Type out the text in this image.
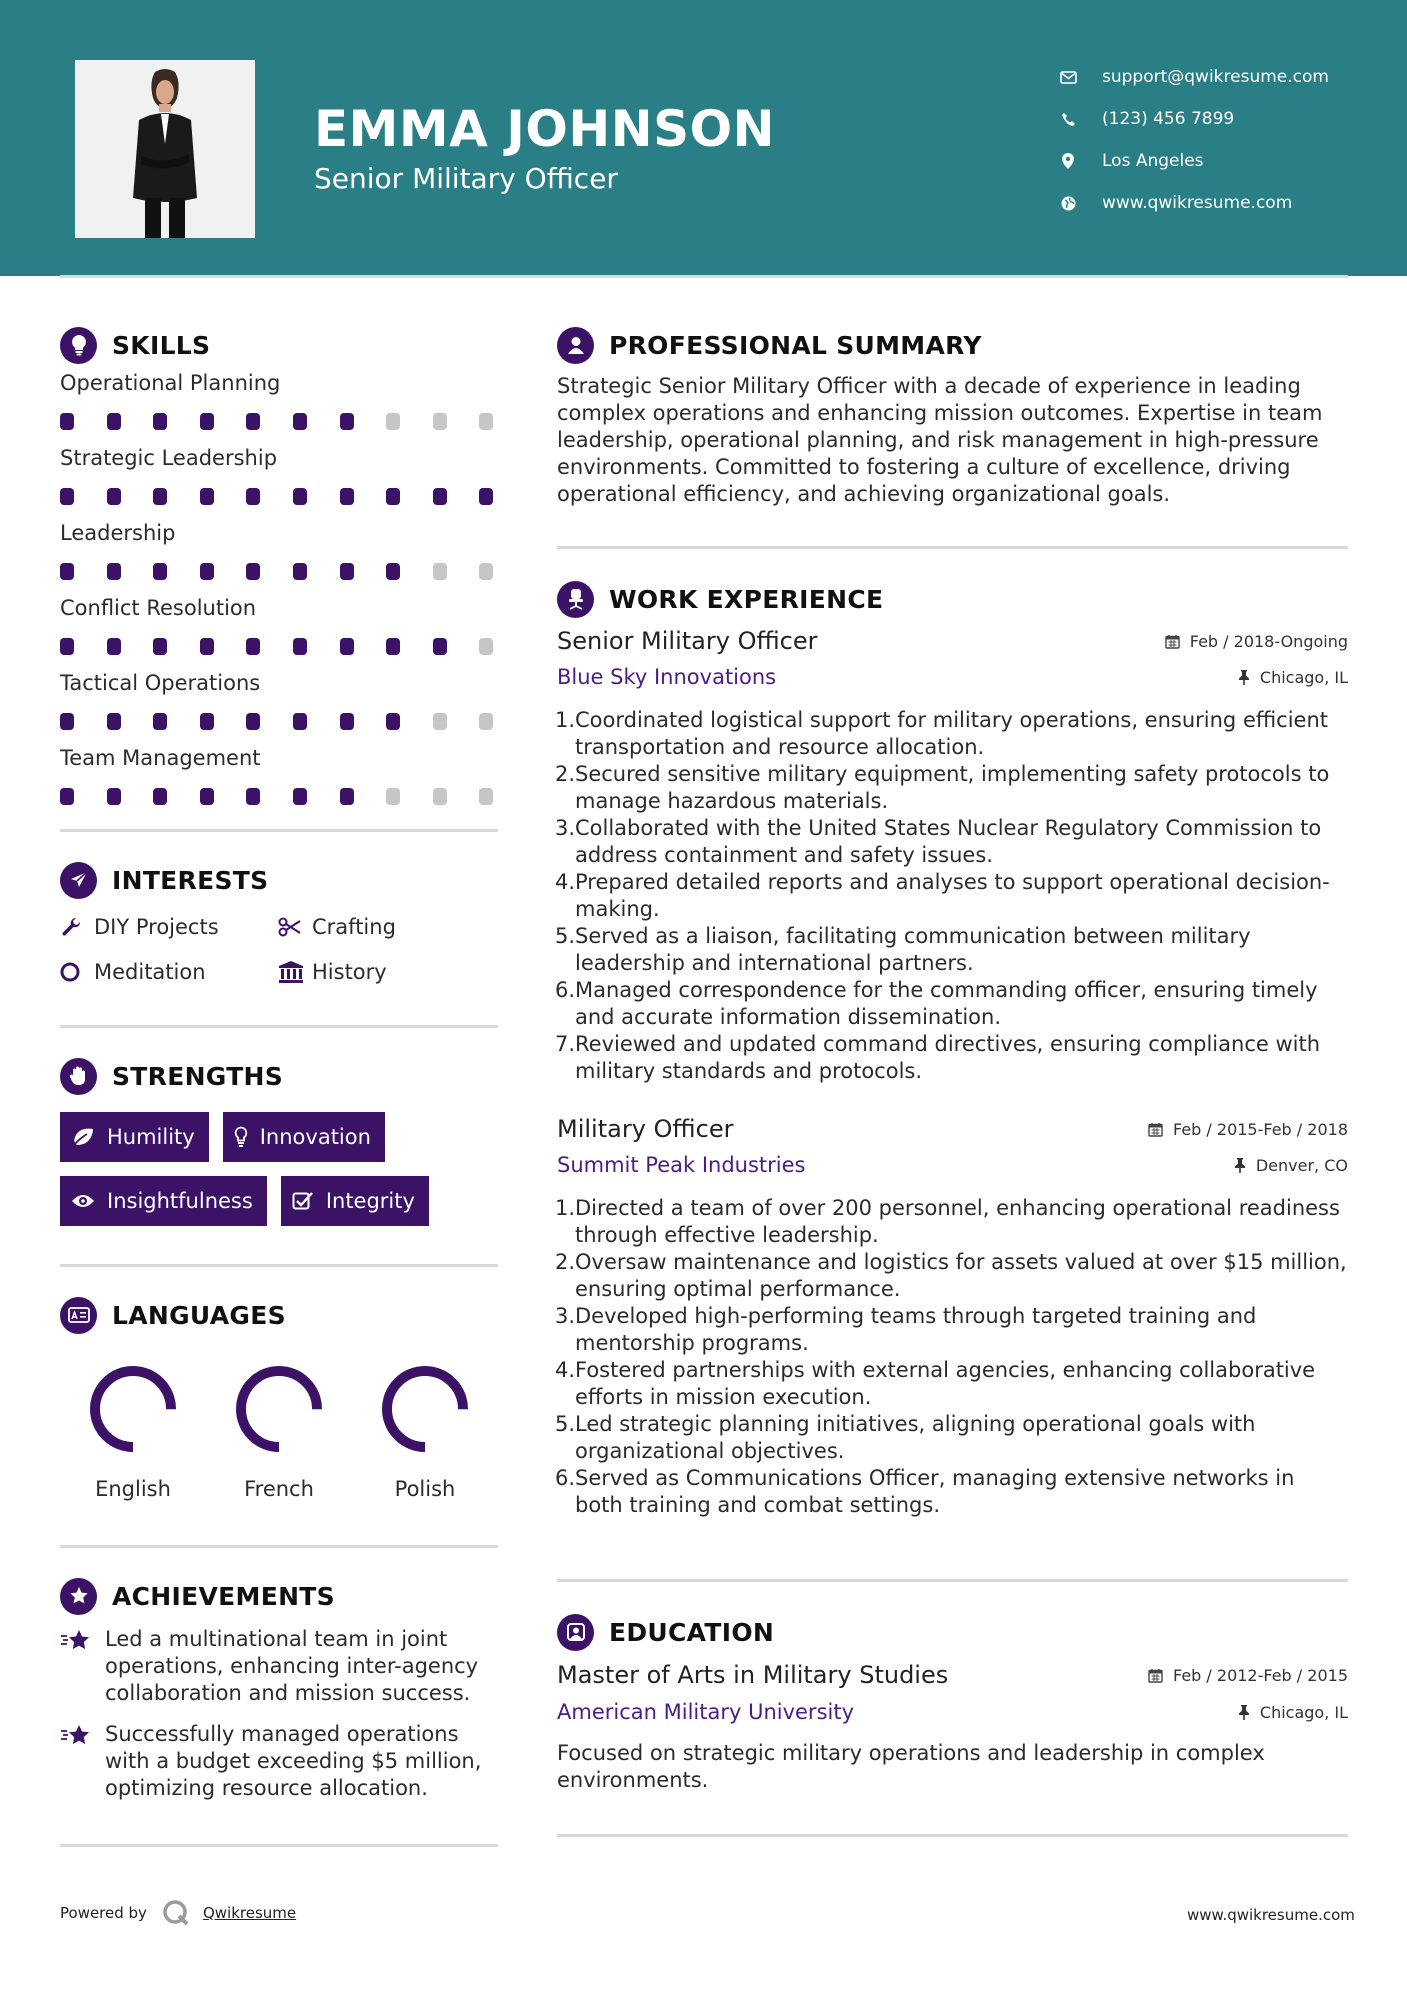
EMMA JOHNSON
Senior Military Officer
support@qwikresume.com
(123) 456 7899
Los Angeles
www.qwikresume.com
SKILLS
Operational Planning
Strategic Leadership
Leadership
Conflict Resolution
Tactical Operations
Team Management
INTERESTS
DIY Projects	Crafting
Meditation	History
STRENGTHS
Humility	Innovation
Insightfulness	Integrity
LANGUAGES
English	French	Polish
ACHIEVEMENTS
Led a multinational team in joint operations, enhancing inter-agency collaboration and mission success.
Successfully managed operations with a budget exceeding $5 million, optimizing resource allocation.
PROFESSIONAL SUMMARY
Strategic Senior Military Officer with a decade of experience in leading complex operations and enhancing mission outcomes. Expertise in team leadership, operational planning, and risk management in high-pressure environments. Committed to fostering a culture of excellence, driving operational efficiency, and achieving organizational goals.
WORK EXPERIENCE
Senior Military Officer	Feb / 2018-Ongoing
Blue Sky Innovations	Chicago, IL
Coordinated logistical support for military operations, ensuring efficient transportation and resource allocation.
Secured sensitive military equipment, implementing safety protocols to manage hazardous materials.
Collaborated with the United States Nuclear Regulatory Commission to address containment and safety issues.
Prepared detailed reports and analyses to support operational decision-making.
Served as a liaison, facilitating communication between military leadership and international partners.
Managed correspondence for the commanding officer, ensuring timely and accurate information dissemination.
Reviewed and updated command directives, ensuring compliance with military standards and protocols.
Military Officer	Feb / 2015-Feb / 2018
Summit Peak Industries	Denver, CO
Directed a team of over 200 personnel, enhancing operational readiness through effective leadership.
Oversaw maintenance and logistics for assets valued at over $15 million, ensuring optimal performance.
Developed high-performing teams through targeted training and mentorship programs.
Fostered partnerships with external agencies, enhancing collaborative efforts in mission execution.
Led strategic planning initiatives, aligning operational goals with organizational objectives.
Served as Communications Officer, managing extensive networks in both training and combat settings.
EDUCATION
Master of Arts in Military Studies	Feb / 2012-Feb / 2015
American Military University	Chicago, IL
Focused on strategic military operations and leadership in complex environments.
Powered by	Qwikresume	www.qwikresume.com
